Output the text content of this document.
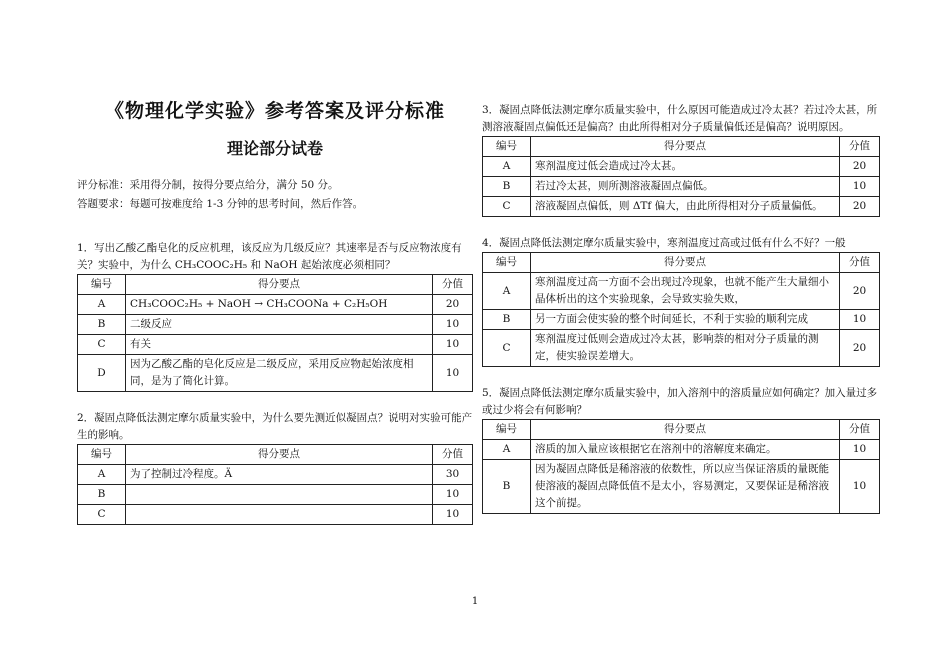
《物理化学实验》参考答案及评分标准
理论部分试卷

评分标准：采用得分制，按得分要点给分，满分 50 分。

答题要求：每题可按难度给 1-3 分钟的思考时间，然后作答。

1．写出乙酸乙酯皂化的反应机理，该反应为几级反应？其速率是否与反应物浓度有关？实验中，为什么 CH₃COOC₂H₅ 和 NaOH 起始浓度必须相同？

编号	得分要点	分值
A	CH₃COOC₂H₅ + NaOH → CH₃COONa + C₂H₅OH	20
B	二级反应	10
C	有关	10
D	因为乙酸乙酯的皂化反应是二级反应，采用反应物起始浓度相同，是为了简化计算。	10

2．凝固点降低法测定摩尔质量实验中，为什么要先测近似凝固点？说明对实验可能产生的影响。

编号	得分要点	分值
A	为了控制过冷程度。Ä	30
B		10
C		10

3．凝固点降低法测定摩尔质量实验中，什么原因可能造成过冷太甚？若过冷太甚，所测溶液凝固点偏低还是偏高？由此所得相对分子质量偏低还是偏高？说明原因。

编号	得分要点	分值
A	寒剂温度过低会造成过冷太甚。	20
B	若过冷太甚，则所测溶液凝固点偏低。	10
C	溶液凝固点偏低，则 ΔTf 偏大，由此所得相对分子质量偏低。	20

4．凝固点降低法测定摩尔质量实验中，寒剂温度过高或过低有什么不好？一般

编号	得分要点	分值
A	寒剂温度过高一方面不会出现过冷现象，也就不能产生大量细小晶体析出的这个实验现象，会导致实验失败，	20
B	另一方面会使实验的整个时间延长，不利于实验的顺利完成	10
C	寒剂温度过低则会造成过冷太甚，影响萘的相对分子质量的测定，使实验误差增大。	20

5．凝固点降低法测定摩尔质量实验中，加入溶剂中的溶质量应如何确定？加入量过多或过少将会有何影响？

编号	得分要点	分值
A	溶质的加入量应该根据它在溶剂中的溶解度来确定。	10
B	因为凝固点降低是稀溶液的依数性，所以应当保证溶质的量既能使溶液的凝固点降低值不是太小，容易测定，又要保证是稀溶液这个前提。	10
1
